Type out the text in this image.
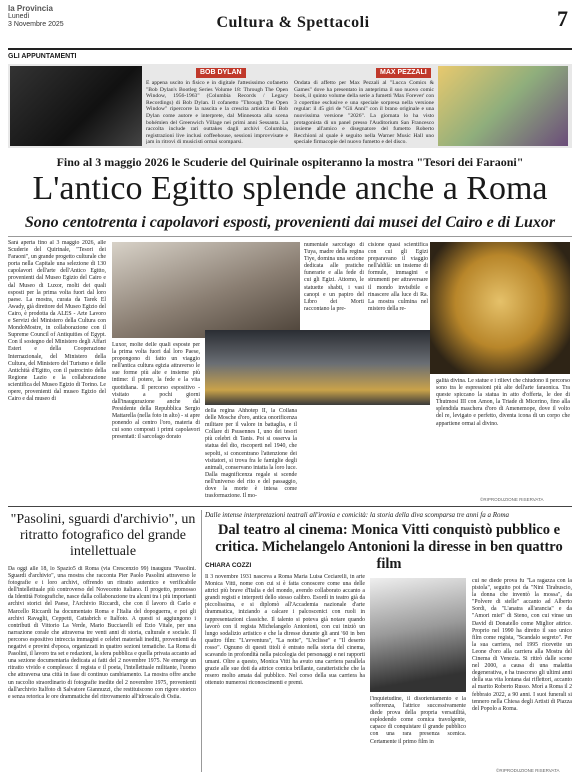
la Provincia
Lunedì
3 Novembre 2025	Cultura & Spettacoli	7
GLI APPUNTAMENTI
BOB DYLAN
È appena uscito in fisico e in digitale l'attesissimo cofanetto "Bob Dylan's Bootleg Series Volume 18: Through The Open Window, 1956-1963" (Columbia Records / Legacy Recordings) di Bob Dylan. Il cofanetto "Through The Open Window" ripercorre la nascita e la crescita artistica di Bob Dylan come autore e interprete, dal Minnesota alla scena bohémien del Greenwich Village nei primi anni Sessanta. La raccolta include rari outtakes dagli archivi Columbia, registrazioni live inclusi coffeehouse, sessioni improvvisate e jam in ritrovi di musicisti ormai scomparsi.
MAX PEZZALI
Ondata di affetto per Max Pezzali al "Lucca Comics & Games" dove ha presentato in anteprima il suo nuovo comic book, il quinto volume della serie a fumetti 'Max Forever' con 3 copertine esclusive e una speciale sorpresa nella versione regular: il 45 giri de "Gli Anni" con il brano originale e una nuovissima versione "2026". La giornata lo ha visto protagonista di un panel presso l'Auditorium San Francesco insieme all'amico e disegnatore del fumetto Roberto Recchioni al quale è seguito nella Warner Music Hall uno speciale firmacopie del nuovo fumetto e del disco.
Fino al 3 maggio 2026 le Scuderie del Quirinale ospiteranno la mostra "Tesori dei Faraoni"
L'antico Egitto splende anche a Roma
Sono centotrenta i capolavori esposti, provenienti dai musei del Cairo e di Luxor
Sarà aperta fino al 3 maggio 2026, alle Scuderie del Quirinale, "Tesori dei Faraoni", un grande progetto culturale che porta nella Capitale una selezione di 130 capolavori dell'arte dell'Antico Egitto, provenienti dal Museo Egizio del Cairo e dal Museo di Luxor, molti dei quali esposti per la prima volta fuori dal loro paese. La mostra, curata da Tarek El Awady, già direttore del Museo Egizio del Cairo, è prodotta da ALES - Arte Lavoro e Servizi del Ministero della Cultura con MondoMostre, in collaborazione con il Supreme Council of Antiquities of Egypt. Con il sostegno del Ministero degli Affari Esteri e della Cooperazione Internazionale, del Ministero della Cultura, del Ministero del Turismo e delle Antichità d'Egitto, con il patrocinio della Regione Lazio e la collaborazione scientifica del Museo Egizio di Torino. Le opere, provenienti dal museo Egizio del Cairo e dal museo di
Luxor, molte delle quali esposte per la prima volta fuori dal loro Paese, propongono di fatto un viaggio nell'antica cultura egizia attraverso le sue forme più alte e insieme più intime: il potere, la fede e la vita quotidiana. Il percorso espositivo - visitato a pochi giorni dall'inaugurazione anche dal Presidente della Repubblica Sergio Mattarella (nella foto in alto) - si apre ponendo al centro l'oro, materia di cui sono composti i primi capolavori presentati: il sarcofago dorato
della regina Ahhotep II, la Collana delle Mosche d'oro, antica onorificenza militare per il valore in battaglia, e il Collare di Psusennes I, uno dei tesori più celebri di Tanis. Poi si osserva la statua del dio, riscoperti nel 1940, che sepolti, si concentrano l'attenzione dei visitatori, si trova fra le famiglie degli animali, conservano intatta la loro luce. Dalla magnificenza regale si scende nell'universo del rito e del passaggio, dove la morte è intesa come trasformazione. Il mo-
numentale sarcofago di Tuya, madre della regina Tiye, domina una sezione dedicata alle pratiche funerarie e alla fede di cui gli Egizi. Attorno, le statuette shabti, i vasi canopi e un papiro del Libro dei Morti raccontano la pre-
cisione quasi scientifica con cui gli Egizi preparavano il viaggio nell'aldilà: un insieme di formule, immagini e strumenti per attraversare il mondo invisibile e rinascere alla luce di Ra. La mostra culmina nel mistero della re-
galità divina. Le statue e i rilievi che chiudono il percorso sono tra le espressioni più alte dell'arte faraonica. Tra queste spiccano la statua in atto d'offerta, le dee di Thutmosi III con Amon, la Triade di Micerino, fino alla splendida maschera d'oro di Amenemope, dove il volto del re, levigato e perfetto, diventa icona di un corpo che appartiene ormai al divino.
©RIPRODUZIONE RISERVATA
"Pasolini, sguardi d'archivio", un ritratto fotografico del grande intellettuale
Da oggi alle 18, lo Spazio5 di Roma (via Crescenzio 99) inaugura "Pasolini. Sguardi d'archivio", una mostra che racconta Pier Paolo Pasolini attraverso le fotografie e i loro archivi, offrendo un ritratto autentico e verificabile dell'intellettuale più controverso del Novecento italiano. Il progetto, promosso da Identità Fotografiche, nasce dalla collaborazione tra alcuni tra i più importanti archivi storici del Paese, l'Archivio Riccardi, che con il lavoro di Carlo e Marcello Riccardi ha documentato Roma e l'Italia del dopoguerra, e poi gli archivi Ravaglii, Ceppetti, Cattabrich e Italfoto. A questi si aggiungono i contributi di Vittorio La Verde, Mario Bucciarelli ed Ezio Vitale, per una narrazione corale che attraversa tre venti anni di storia, culturale e sociale. Il percorso espositivo intreccia immagini e celebri materiali inediti, provenienti da negativi e provini d'epoca, organizzati in quattro sezioni tematiche. La Roma di Pasolini, il lavoro tra set e redazioni, la sfera pubblica e quella privata accanto ad una sezione documentaria dedicata ai fatti del 2 novembre 1975. Ne emerge un ritratto vivido e complesso: il regista e il poeta, l'intellettuale militante, l'uomo che attraversa una città in fase di continuo cambiamento. La mostra offre anche un raccolto straordinario di fotografie inedite del 2 novembre 1975, provenienti dall'archivio Italfoto di Salvatore Giannuzzi, che restituiscono con rigore storico e senza retorica le ore drammatiche del ritrovamento all'idroscalo di Ostia.
Dalle intense interpretazioni teatrali all'ironia e comicità: la storia della diva scomparsa tre anni fa a Roma
Dal teatro al cinema: Monica Vitti conquistò pubblico e critica. Michelangelo Antonioni la diresse in ben quattro film
CHIARA COZZI
Il 3 novembre 1931 nasceva a Roma Maria Luisa Ceciarelli, in arte Monica Vitti, nome con cui si è fatta conoscere come una delle attrici più brave d'Italia e del mondo, avendo collaborato accanto a grandi registi e interpreti dello stesso calibro. Esordì in teatro già da piccolissima, e si diplomò all'Accademia nazionale d'arte drammatica, iniziando a calcare i palcoscenici con ruoli in rappresentazioni classiche. Il talento si poteva già notare quando lavorò con il regista Michelangelo Antonioni, con cui iniziò un lungo sodalizio artistico e che la diresse durante gli anni '60 in ben quattro film: "L'avventura", "La notte", "L'eclisse" e "Il deserto rosso". Ognuno di questi titoli è entrato nella storia del cinema, scavando in profondità nella psicologia dei personaggi e nei rapporti umani. Oltre a questo, Monica Vitti ha avuto una carriera parallela grazie alle sue doti da attrice comica brillante, caratteristiche che la resero molto amata dal pubblico. Nel corso della sua carriera ha ottenuto numerosi riconoscimenti e premi.
l'inquietudine, il disorientamento e la sofferenza, l'attrice successivamente diede prova della propria versatilità, esplodendo come comica travolgente, capace di conquistare il grande pubblico con una rara presenza scenica. Certamente il primo film in
cui ne diede prova fu "La ragazza con la pistola", seguito poi da "Nini Tirabuscio, la donna che inventò la mossa", da "Polvere di stelle" accanto ad Alberto Sordi, da "L'anatra all'arancia" e da "Amori miei" di Steno, con cui vinse un David di Donatello come Miglior attrice. Proprio nel 1990 ha diretto il suo unico film come regista, "Scandalo segreto". Per la sua carriera, nel 1995 ricevette un Leone d'oro alla carriera alla Mostra del Cinema di Venezia. Si ritirò dalle scene nel 2000, a causa di una malattia degenerativa, e ha trascorso gli ultimi anni della sua vita lontana dai riflettori, accanto al marito Roberto Russo. Morì a Roma il 2 febbraio 2022, a 90 anni. I suoi funerali si tennero nella Chiesa degli Artisti di Piazza del Popolo a Roma.
©RIPRODUZIONE RISERVATA
